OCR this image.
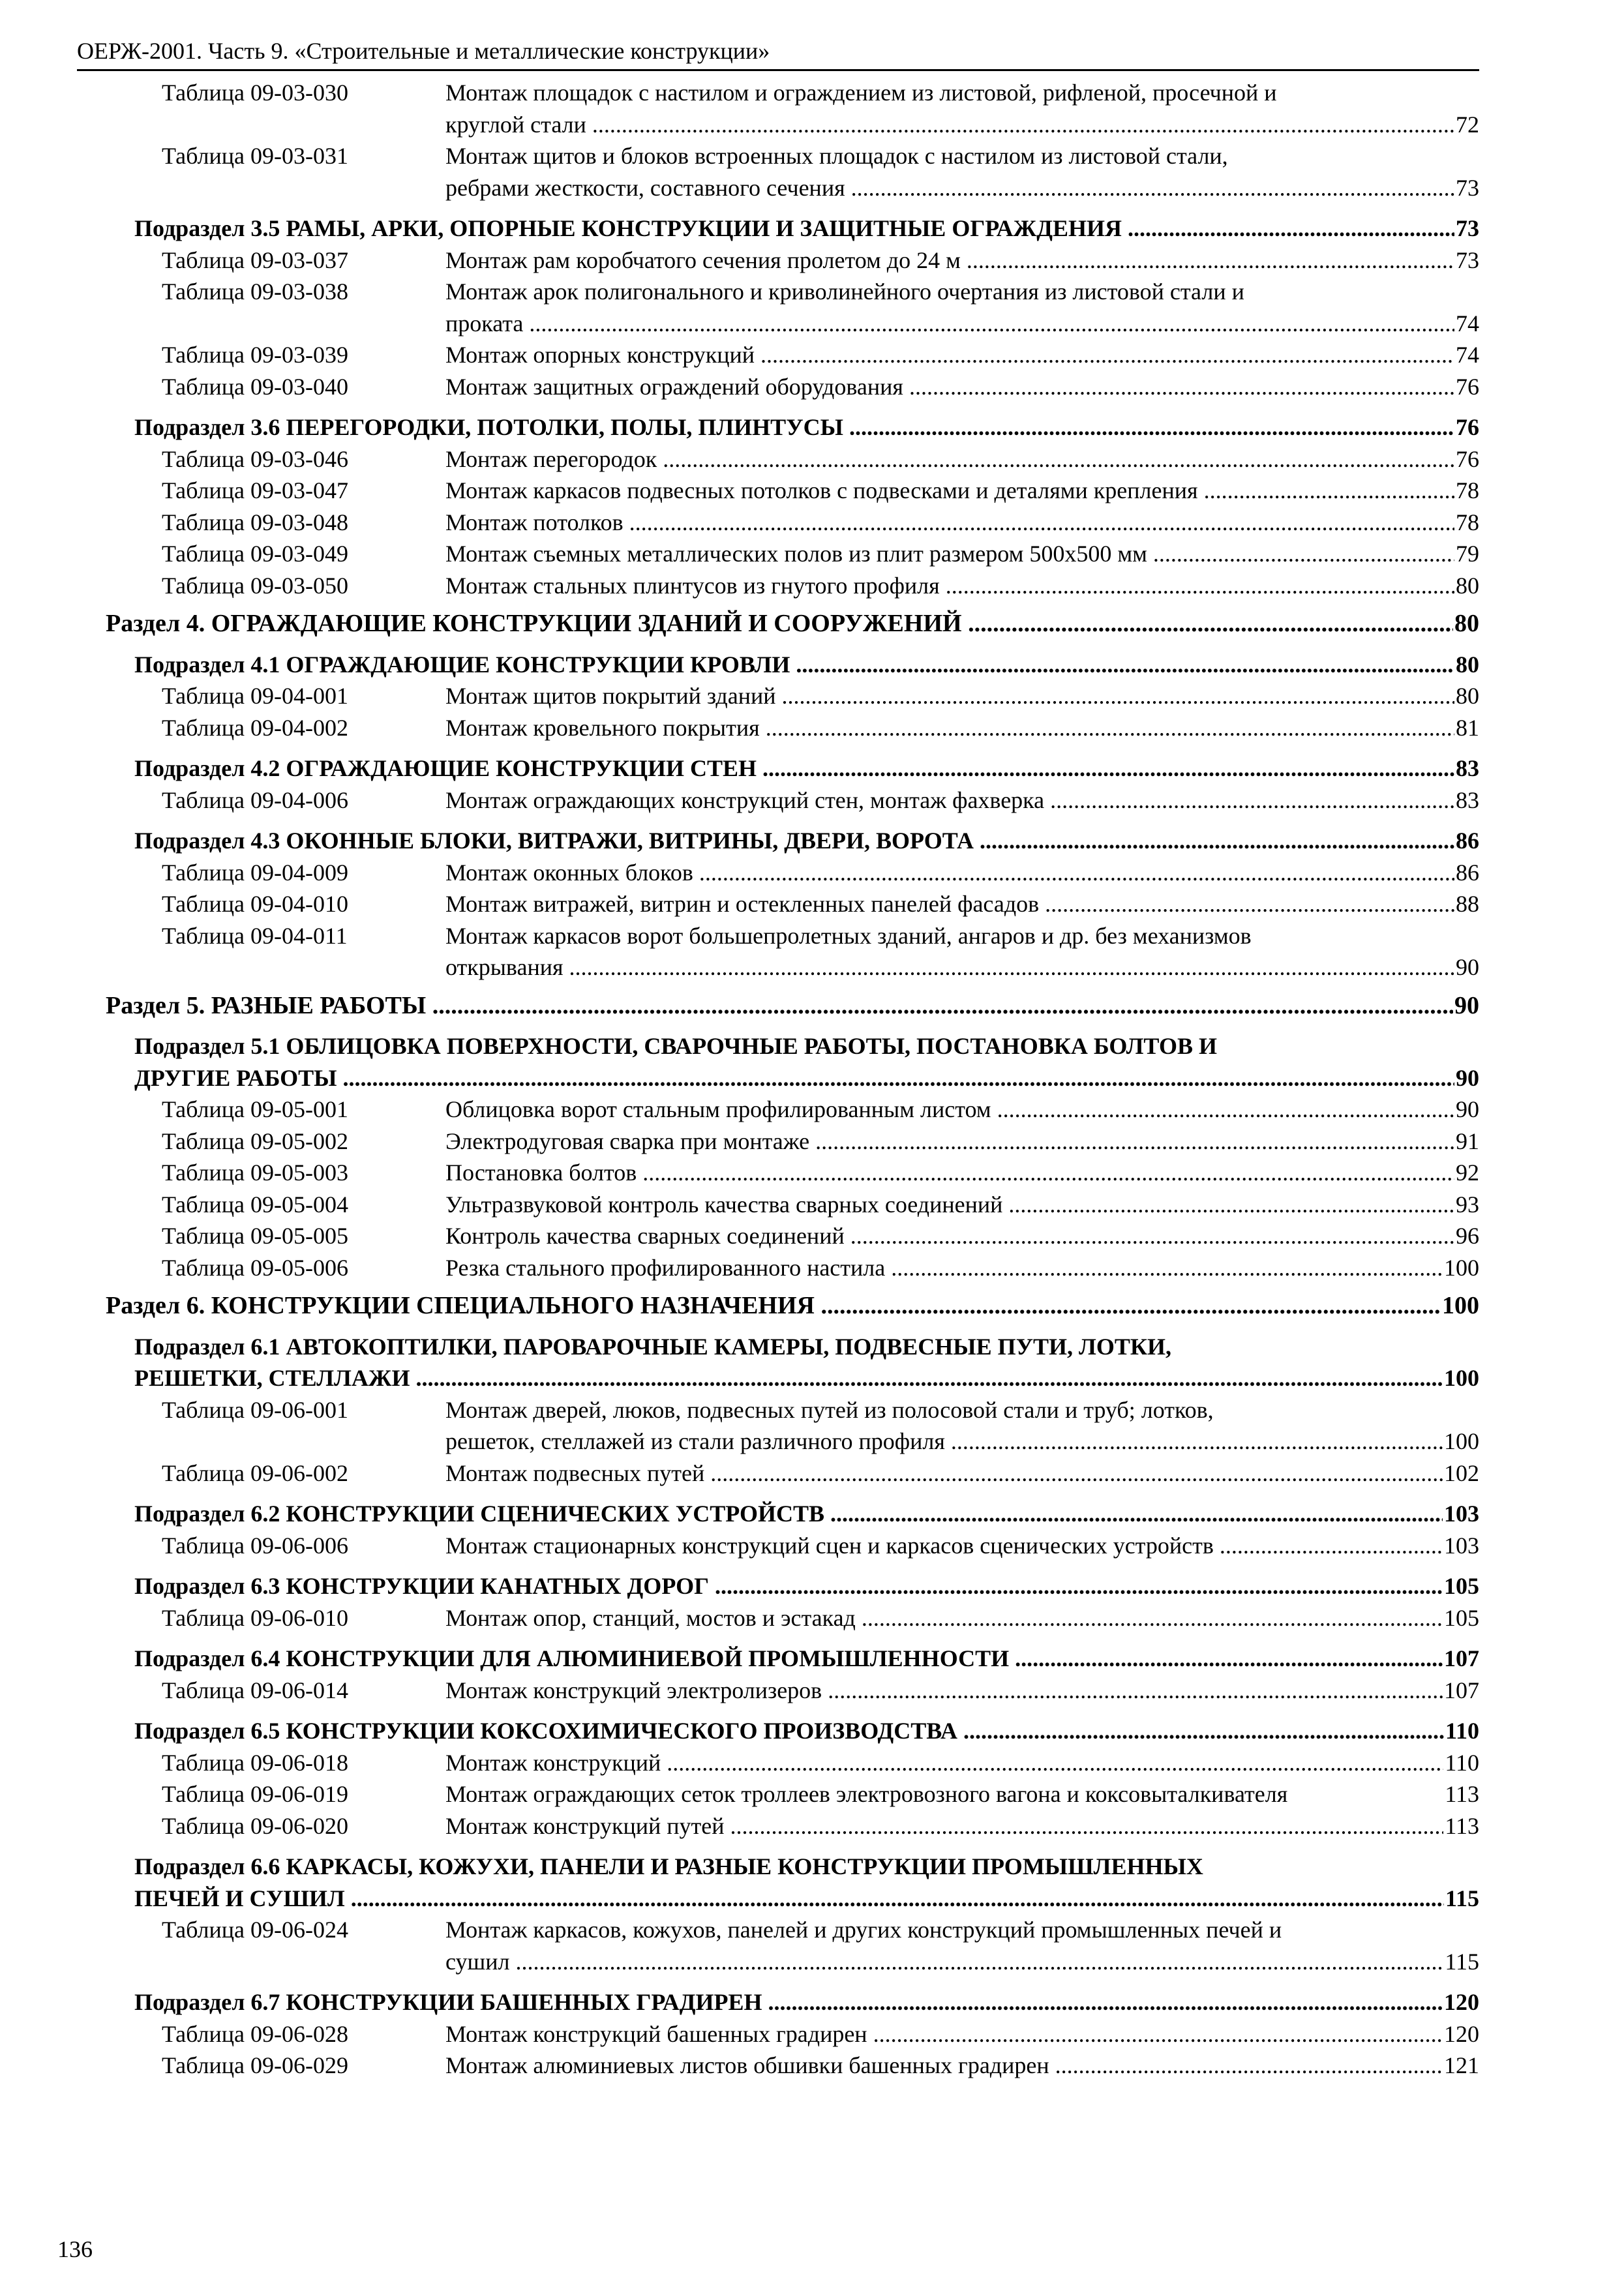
ОЕРЖ-2001. Часть 9. «Строительные и металлические конструкции»
Таблица 09-03-030	Монтаж площадок с настилом и ограждением из листовой, рифленой, просечной и
круглой стали .....	72
Таблица 09-03-031	Монтаж щитов и блоков встроенных площадок с настилом из листовой стали,
ребрами жесткости, составного сечения .....	73
Подраздел 3.5 РАМЫ, АРКИ, ОПОРНЫЕ КОНСТРУКЦИИ И ЗАЩИТНЫЕ ОГРАЖДЕНИЯ .....	73
Таблица 09-03-037	Монтаж рам коробчатого сечения пролетом до 24 м .....	73
Таблица 09-03-038	Монтаж арок полигонального и криволинейного очертания из листовой стали и
проката .....	74
Таблица 09-03-039	Монтаж опорных конструкций .....	74
Таблица 09-03-040	Монтаж защитных ограждений оборудования .....	76
Подраздел 3.6 ПЕРЕГОРОДКИ, ПОТОЛКИ, ПОЛЫ, ПЛИНТУСЫ .....	76
Таблица 09-03-046	Монтаж перегородок .....	76
Таблица 09-03-047	Монтаж каркасов подвесных потолков с подвесками и деталями крепления .....	78
Таблица 09-03-048	Монтаж потолков .....	78
Таблица 09-03-049	Монтаж съемных металлических полов из плит размером 500х500 мм .....	79
Таблица 09-03-050	Монтаж стальных плинтусов из гнутого профиля .....	80
Раздел 4. ОГРАЖДАЮЩИЕ КОНСТРУКЦИИ ЗДАНИЙ И СООРУЖЕНИЙ .....	80
Подраздел 4.1 ОГРАЖДАЮЩИЕ КОНСТРУКЦИИ КРОВЛИ .....	80
Таблица 09-04-001	Монтаж щитов покрытий зданий .....	80
Таблица 09-04-002	Монтаж кровельного покрытия .....	81
Подраздел 4.2 ОГРАЖДАЮЩИЕ КОНСТРУКЦИИ СТЕН .....	83
Таблица 09-04-006	Монтаж ограждающих конструкций стен, монтаж фахверка .....	83
Подраздел 4.3 ОКОННЫЕ БЛОКИ, ВИТРАЖИ, ВИТРИНЫ, ДВЕРИ, ВОРОТА .....	86
Таблица 09-04-009	Монтаж оконных блоков .....	86
Таблица 09-04-010	Монтаж витражей, витрин и остекленных панелей фасадов .....	88
Таблица 09-04-011	Монтаж каркасов ворот большепролетных зданий, ангаров и др. без механизмов
открывания .....	90
Раздел 5. РАЗНЫЕ РАБОТЫ .....	90
Подраздел 5.1 ОБЛИЦОВКА ПОВЕРХНОСТИ, СВАРОЧНЫЕ РАБОТЫ, ПОСТАНОВКА БОЛТОВ И
ДРУГИЕ РАБОТЫ .....	90
Таблица 09-05-001	Облицовка ворот стальным профилированным листом .....	90
Таблица 09-05-002	Электродуговая сварка при монтаже .....	91
Таблица 09-05-003	Постановка болтов .....	92
Таблица 09-05-004	Ультразвуковой контроль качества сварных соединений .....	93
Таблица 09-05-005	Контроль качества сварных соединений .....	96
Таблица 09-05-006	Резка стального профилированного настила .....	100
Раздел 6. КОНСТРУКЦИИ СПЕЦИАЛЬНОГО НАЗНАЧЕНИЯ .....	100
Подраздел 6.1 АВТОКОПТИЛКИ, ПАРОВАРОЧНЫЕ КАМЕРЫ, ПОДВЕСНЫЕ ПУТИ, ЛОТКИ,
РЕШЕТКИ, СТЕЛЛАЖИ .....	100
Таблица 09-06-001	Монтаж дверей, люков, подвесных путей из полосовой стали и труб; лотков,
решеток, стеллажей из стали различного профиля .....	100
Таблица 09-06-002	Монтаж подвесных путей .....	102
Подраздел 6.2 КОНСТРУКЦИИ СЦЕНИЧЕСКИХ УСТРОЙСТВ .....	103
Таблица 09-06-006	Монтаж стационарных конструкций сцен и каркасов сценических устройств .....	103
Подраздел 6.3 КОНСТРУКЦИИ КАНАТНЫХ ДОРОГ .....	105
Таблица 09-06-010	Монтаж опор, станций, мостов и эстакад .....	105
Подраздел 6.4 КОНСТРУКЦИИ ДЛЯ АЛЮМИНИЕВОЙ ПРОМЫШЛЕННОСТИ .....	107
Таблица 09-06-014	Монтаж конструкций электролизеров .....	107
Подраздел 6.5 КОНСТРУКЦИИ КОКСОХИМИЧЕСКОГО ПРОИЗВОДСТВА .....	110
Таблица 09-06-018	Монтаж конструкций .....	110
Таблица 09-06-019	Монтаж ограждающих сеток троллеев электровозного вагона и коксовыталкивателя	113
Таблица 09-06-020	Монтаж конструкций путей .....	113
Подраздел 6.6 КАРКАСЫ, КОЖУХИ, ПАНЕЛИ И РАЗНЫЕ КОНСТРУКЦИИ ПРОМЫШЛЕННЫХ
ПЕЧЕЙ И СУШИЛ .....	115
Таблица 09-06-024	Монтаж каркасов, кожухов, панелей и других конструкций промышленных печей и
сушил .....	115
Подраздел 6.7 КОНСТРУКЦИИ БАШЕННЫХ ГРАДИРЕН .....	120
Таблица 09-06-028	Монтаж конструкций башенных градирен .....	120
Таблица 09-06-029	Монтаж алюминиевых листов обшивки башенных градирен .....	121
136
